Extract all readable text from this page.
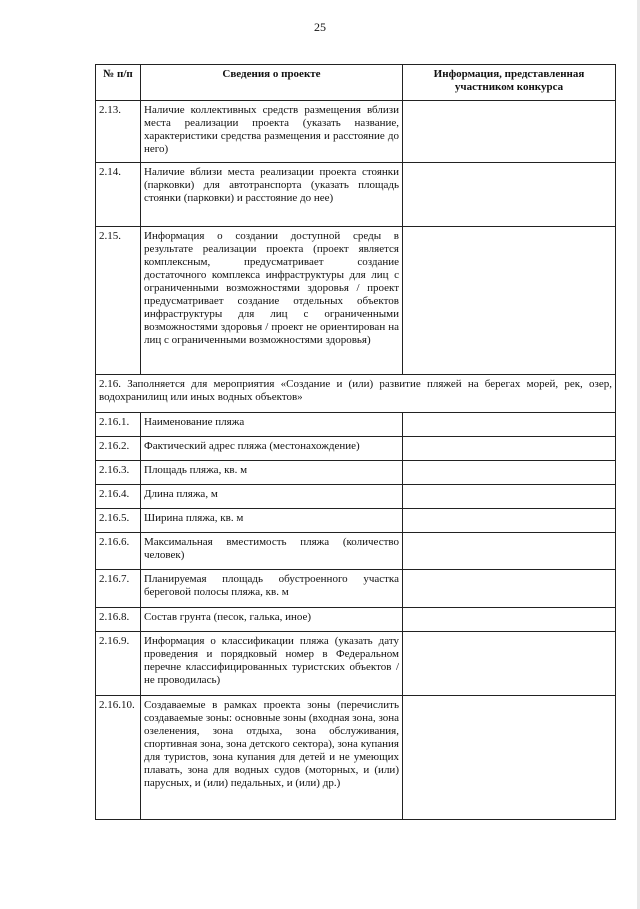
25
№ п/п	Сведения о проекте	Информация, представленная участником конкурса
2.13.	Наличие коллективных средств размещения вблизи места реализации проекта (указать название, характеристики средства размещения и расстояние до него)	
2.14.	Наличие вблизи места реализации проекта стоянки (парковки) для автотранспорта (указать площадь стоянки (парковки) и расстояние до нее)	
2.15.	Информация о создании доступной среды в результате реализации проекта (проект является комплексным, предусматривает создание достаточного комплекса инфраструктуры для лиц с ограниченными возможностями здоровья / проект предусматривает создание отдельных объектов инфраструктуры для лиц с ограниченными возможностями здоровья / проект не ориентирован на лиц с ограниченными возможностями здоровья)	
2.16. Заполняется для мероприятия «Создание и (или) развитие пляжей на берегах морей, рек, озер, водохранилищ или иных водных объектов»		
2.16.1.	Наименование пляжа	
2.16.2.	Фактический адрес пляжа (местонахождение)	
2.16.3.	Площадь пляжа, кв. м	
2.16.4.	Длина пляжа, м	
2.16.5.	Ширина пляжа, кв. м	
2.16.6.	Максимальная вместимость пляжа (количество человек)	
2.16.7.	Планируемая площадь обустроенного участка береговой полосы пляжа, кв. м	
2.16.8.	Состав грунта (песок, галька, иное)	
2.16.9.	Информация о классификации пляжа (указать дату проведения и порядковый номер в Федеральном перечне классифицированных туристских объектов / не проводилась)	
2.16.10.	Создаваемые в рамках проекта зоны (перечислить создаваемые зоны: основные зоны (входная зона, зона озеленения, зона отдыха, зона обслуживания, спортивная зона, зона детского сектора), зона купания для туристов, зона купания для детей и не умеющих плавать, зона для водных судов (моторных, и (или) парусных, и (или) педальных, и (или) др.)	
